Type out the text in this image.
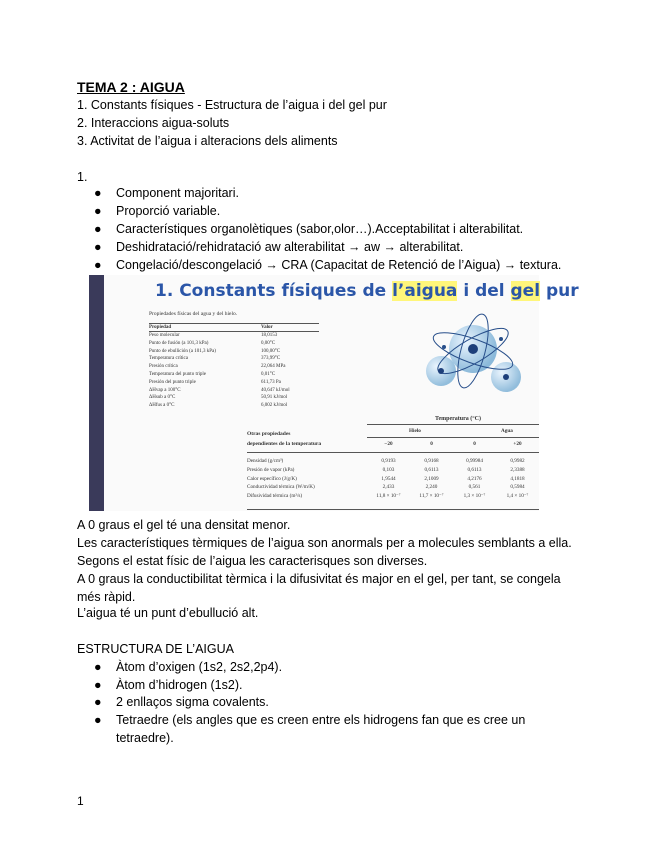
TEMA 2 : AIGUA
1. Constants físiques - Estructura de l’aigua i del gel pur
2. Interaccions aigua-soluts
3. Activitat de l’aigua i alteracions dels aliments
1.
● Component majoritari.
● Proporció variable.
● Característiques organolètiques (sabor,olor…).Acceptabilitat i alterabilitat.
● Deshidratació/rehidratació aw alterabilitat → aw → alterabilitat.
● Congelació/descongelació → CRA (Capacitat de Retenció de l’Aigua) → textura.
1. Constants físiques de l’aigua i del gel pur
Propiedades físicas del agua y del hielo.
Propiedad	Valor
Peso molecular	18,0153
Punto de fusión (a 101,3 kPa)	0,00°C
Punto de ebullición (a 101,3 kPa)	100,00°C
Temperatura crítica	373,99°C
Presión crítica	22,064 MPa
Temperatura del punto triple	0,01°C
Presión del punto triple	611,73 Pa
ΔHvap a 100°C	40,647 kJ/mol
ΔHsub a 0°C	50,91 kJ/mol
ΔHfus a 0°C	6,002 kJ/mol
Temperatura (°C)
Otras propiedades	Hielo	Agua
dependientes de la temperatura	−20	0	0	+20
Densidad (g/cm³)	0,9193	0,9168	0,99984	0,9982
Presión de vapor (kPa)	0,103	0,6113	0,6113	2,3388
Calor específico (J/g/K)	1,9544	2,1009	4,2176	4,1818
Conductividad térmica (W/m/K)	2,433	2,240	0,561	0,5984
Difusividad térmica (m²/s)	11,8 × 10⁻⁷	11,7 × 10⁻⁷	1,3 × 10⁻⁷	1,4 × 10⁻⁷
A 0 graus el gel té una densitat menor.
Les característiques tèrmiques de l’aigua son anormals per a molecules semblants a ella.
Segons el estat físic de l’aigua les caracterisques son diverses.
A 0 graus la conductibilitat tèrmica i la difusivitat és major en el gel, per tant, se congela
més ràpid.
L’aigua té un punt d’ebullució alt.
ESTRUCTURA DE L’AIGUA
● Àtom d’oxigen (1s2, 2s2,2p4).
● Àtom d’hidrogen (1s2).
● 2 enllaços sigma covalents.
● Tetraedre (els angles que es creen entre els hidrogens fan que es cree un
tetraedre).
1
